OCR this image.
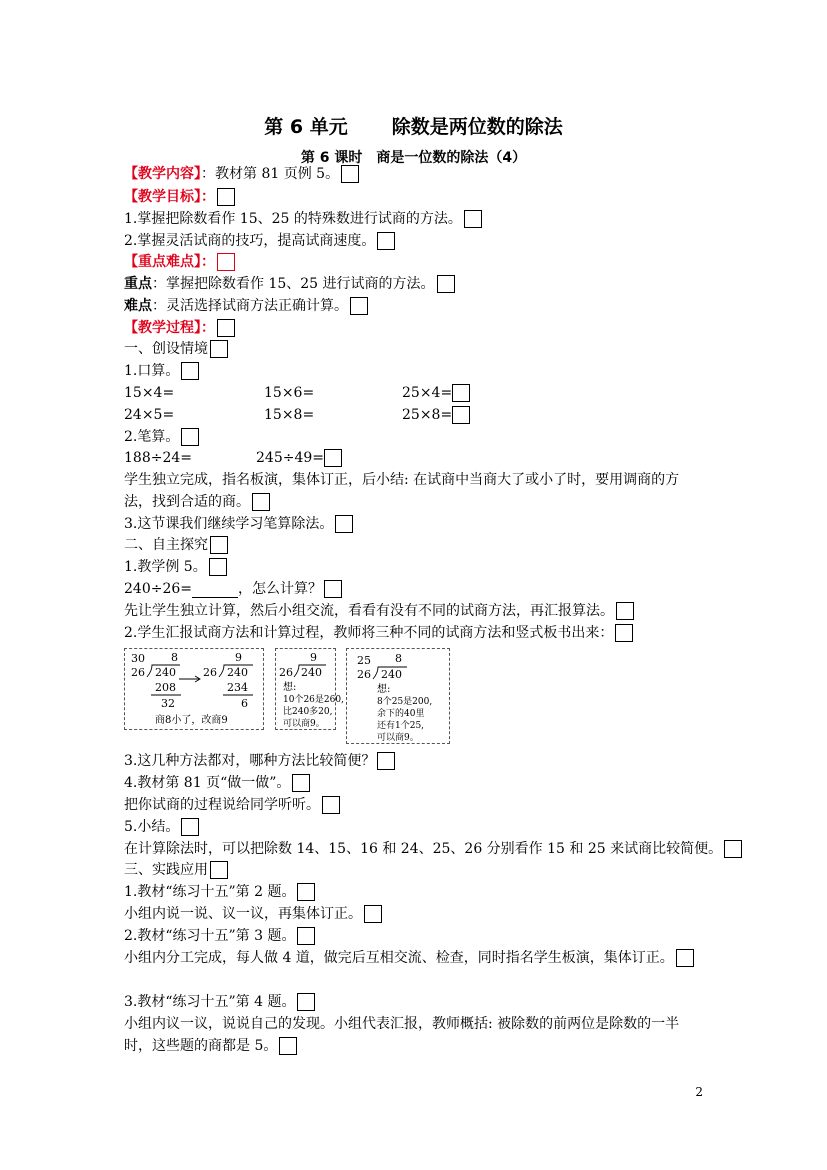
第 6 单元 除数是两位数的除法
第 6 课时　商是一位数的除法（4）
【教学内容】：教材第 81 页例 5。
【教学目标】：
1.掌握把除数看作 15、25 的特殊数进行试商的方法。
2.掌握灵活试商的技巧，提高试商速度。
【重点难点】：
重点：掌握把除数看作 15、25 进行试商的方法。
难点：灵活选择试商方法正确计算。
【教学过程】：
一、创设情境
1.口算。
15×4=	15×6=	25×4=
24×5=	15×8=	25×8=
2.笔算。
188÷24=	245÷49=
学生独立完成，指名板演，集体订正，后小结: 在试商中当商大了或小了时，要用调商的方
法，找到合适的商。
3.这节课我们继续学习笔算除法。
二、自主探究
1.教学例 5。
240÷26=	，怎么计算？
先让学生独立计算，然后小组交流，看看有没有不同的试商方法，再汇报算法。
2.学生汇报试商方法和计算过程，教师将三种不同的试商方法和竖式板书出来：
30 8
26 240
208
32
9
26 240
234
6
商8小了，改商9
9
26 240
想:
10个26是260,
比240多20,
可以商9。
25 8
26 240
想:
8个25是200,
余下的40里
还有1个25,
可以商9。
3.这几种方法都对，哪种方法比较简便？
4.教材第 81 页“做一做”。
把你试商的过程说给同学听听。
5.小结。
在计算除法时，可以把除数 14、15、16 和 24、25、26 分别看作 15 和 25 来试商比较简便。
三、实践应用
1.教材“练习十五”第 2 题。
小组内说一说、议一议，再集体订正。
2.教材“练习十五”第 3 题。
小组内分工完成，每人做 4 道，做完后互相交流、检查，同时指名学生板演，集体订正。
3.教材“练习十五”第 4 题。
小组内议一议，说说自己的发现。小组代表汇报，教师概括: 被除数的前两位是除数的一半
时，这些题的商都是 5。
2
